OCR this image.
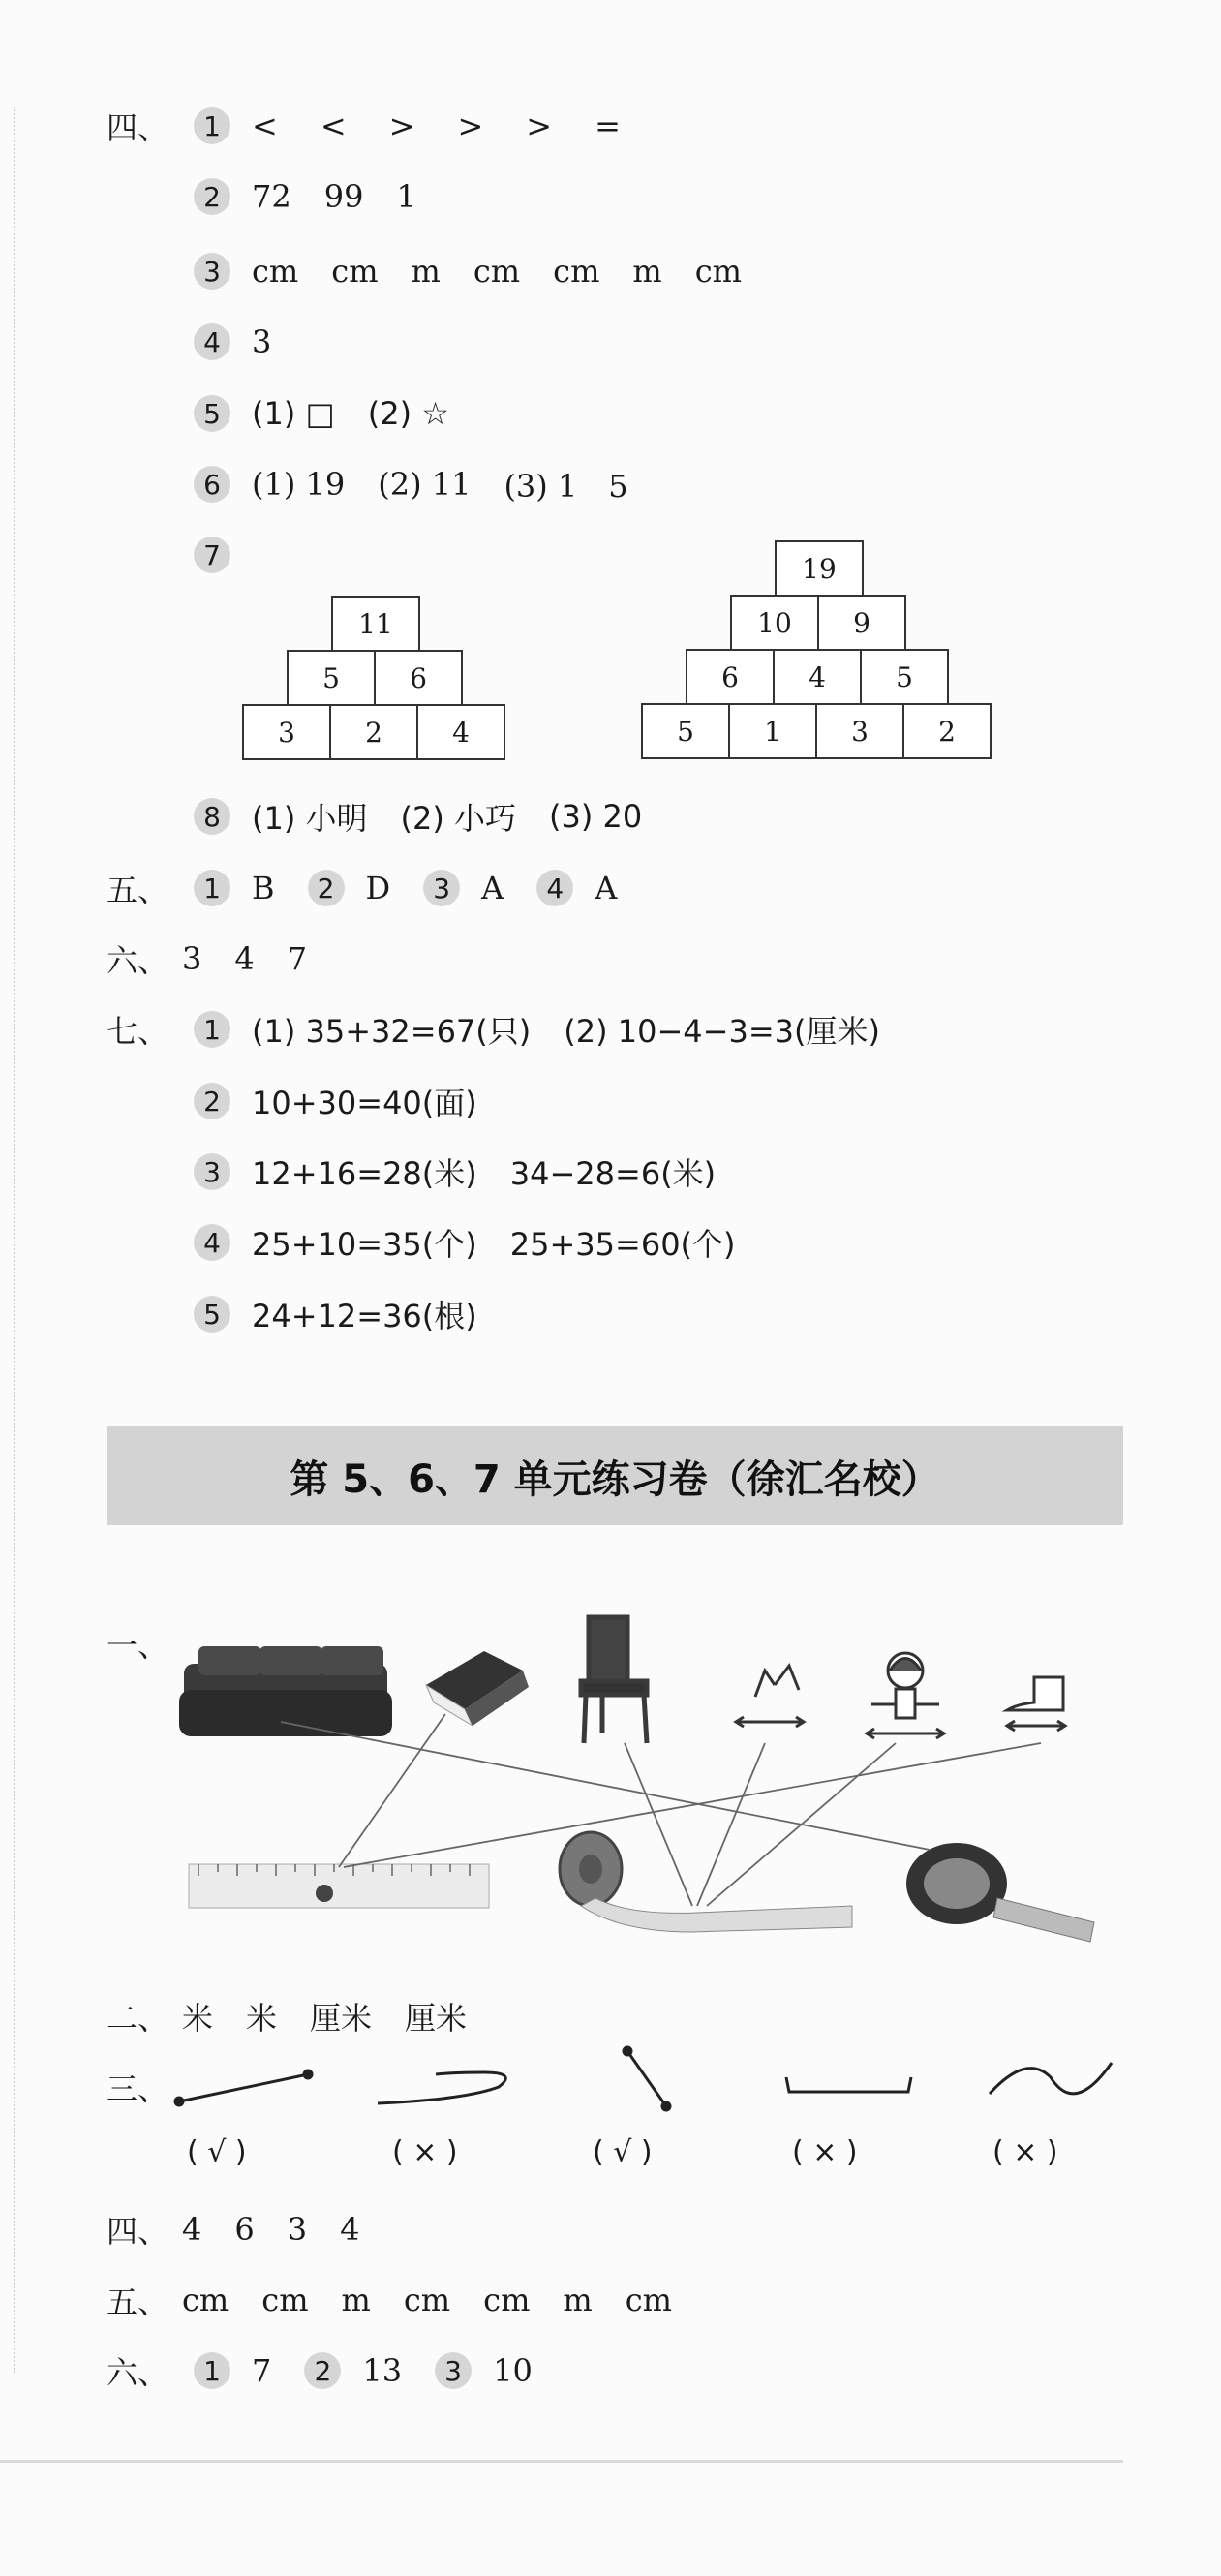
四、	1	< < > > > =
2	72 99 1
3	cm cm m cm cm m cm
4	3
5	(1) □ (2) ☆
6	(1) 19 (2) 11 (3) 1　5
7
11
5	6
3	2	4
19
10	9
6	4	5
5	1	3	2
8	(1) 小明 (2) 小巧 (3) 20
五、	1	B	2	D	3	A	4	A
六、 3 4 7
七、	1	(1) 35+32=67(只) (2) 10−4−3=3(厘米)
2	10+30=40(面)
3	12+16=28(米) 34−28=6(米)
4	25+10=35(个) 25+35=60(个)
5	24+12=36(根)
第 5、6、7 单元练习卷（徐汇名校）
一、
二、 米 米 厘米 厘米
三、
( √ )	( × )	( √ )	( × )	( × )
四、 4 6 3 4
五、 cm cm m cm cm m cm
六、	1	7	2	13	3	10
